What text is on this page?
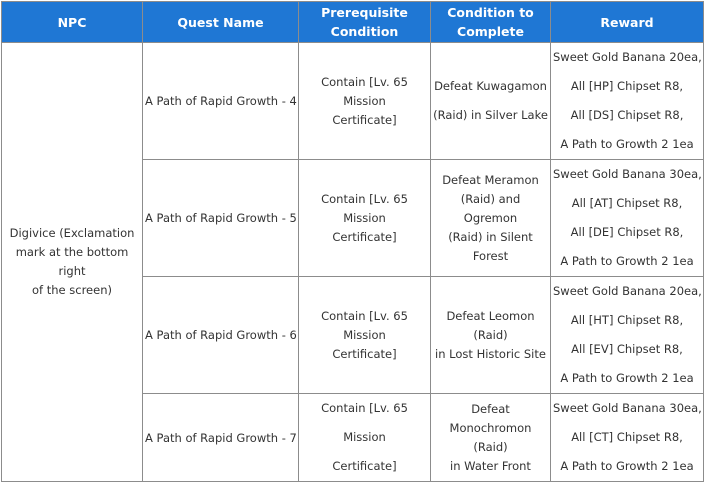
NPC	Quest Name	Prerequisite Condition	Condition to
Complete	Reward

Digivice (Exclamation
mark at the bottom right
of the screen)	A Path of Rapid Growth - 4	Contain [Lv. 65 Mission
Certificate]	Defeat Kuwagamon
(Raid) in Silver Lake	Sweet Gold Banana 20ea,
All [HP] Chipset R8,
All [DS] Chipset R8,
A Path to Growth 2 1ea

	A Path of Rapid Growth - 5	Contain [Lv. 65 Mission
Certificate]	Defeat Meramon
(Raid) and Ogremon
(Raid) in Silent Forest	Sweet Gold Banana 30ea,
All [AT] Chipset R8,
All [DE] Chipset R8,
A Path to Growth 2 1ea

	A Path of Rapid Growth - 6	Contain [Lv. 65 Mission
Certificate]	Defeat Leomon (Raid)
in Lost Historic Site	Sweet Gold Banana 20ea,
All [HT] Chipset R8,
All [EV] Chipset R8,
A Path to Growth 2 1ea

	A Path of Rapid Growth - 7	Contain [Lv. 65 Mission
Certificate]	Defeat
Monochromon (Raid)
in Water Front	Sweet Gold Banana 30ea,
All [CT] Chipset R8,
A Path to Growth 2 1ea
